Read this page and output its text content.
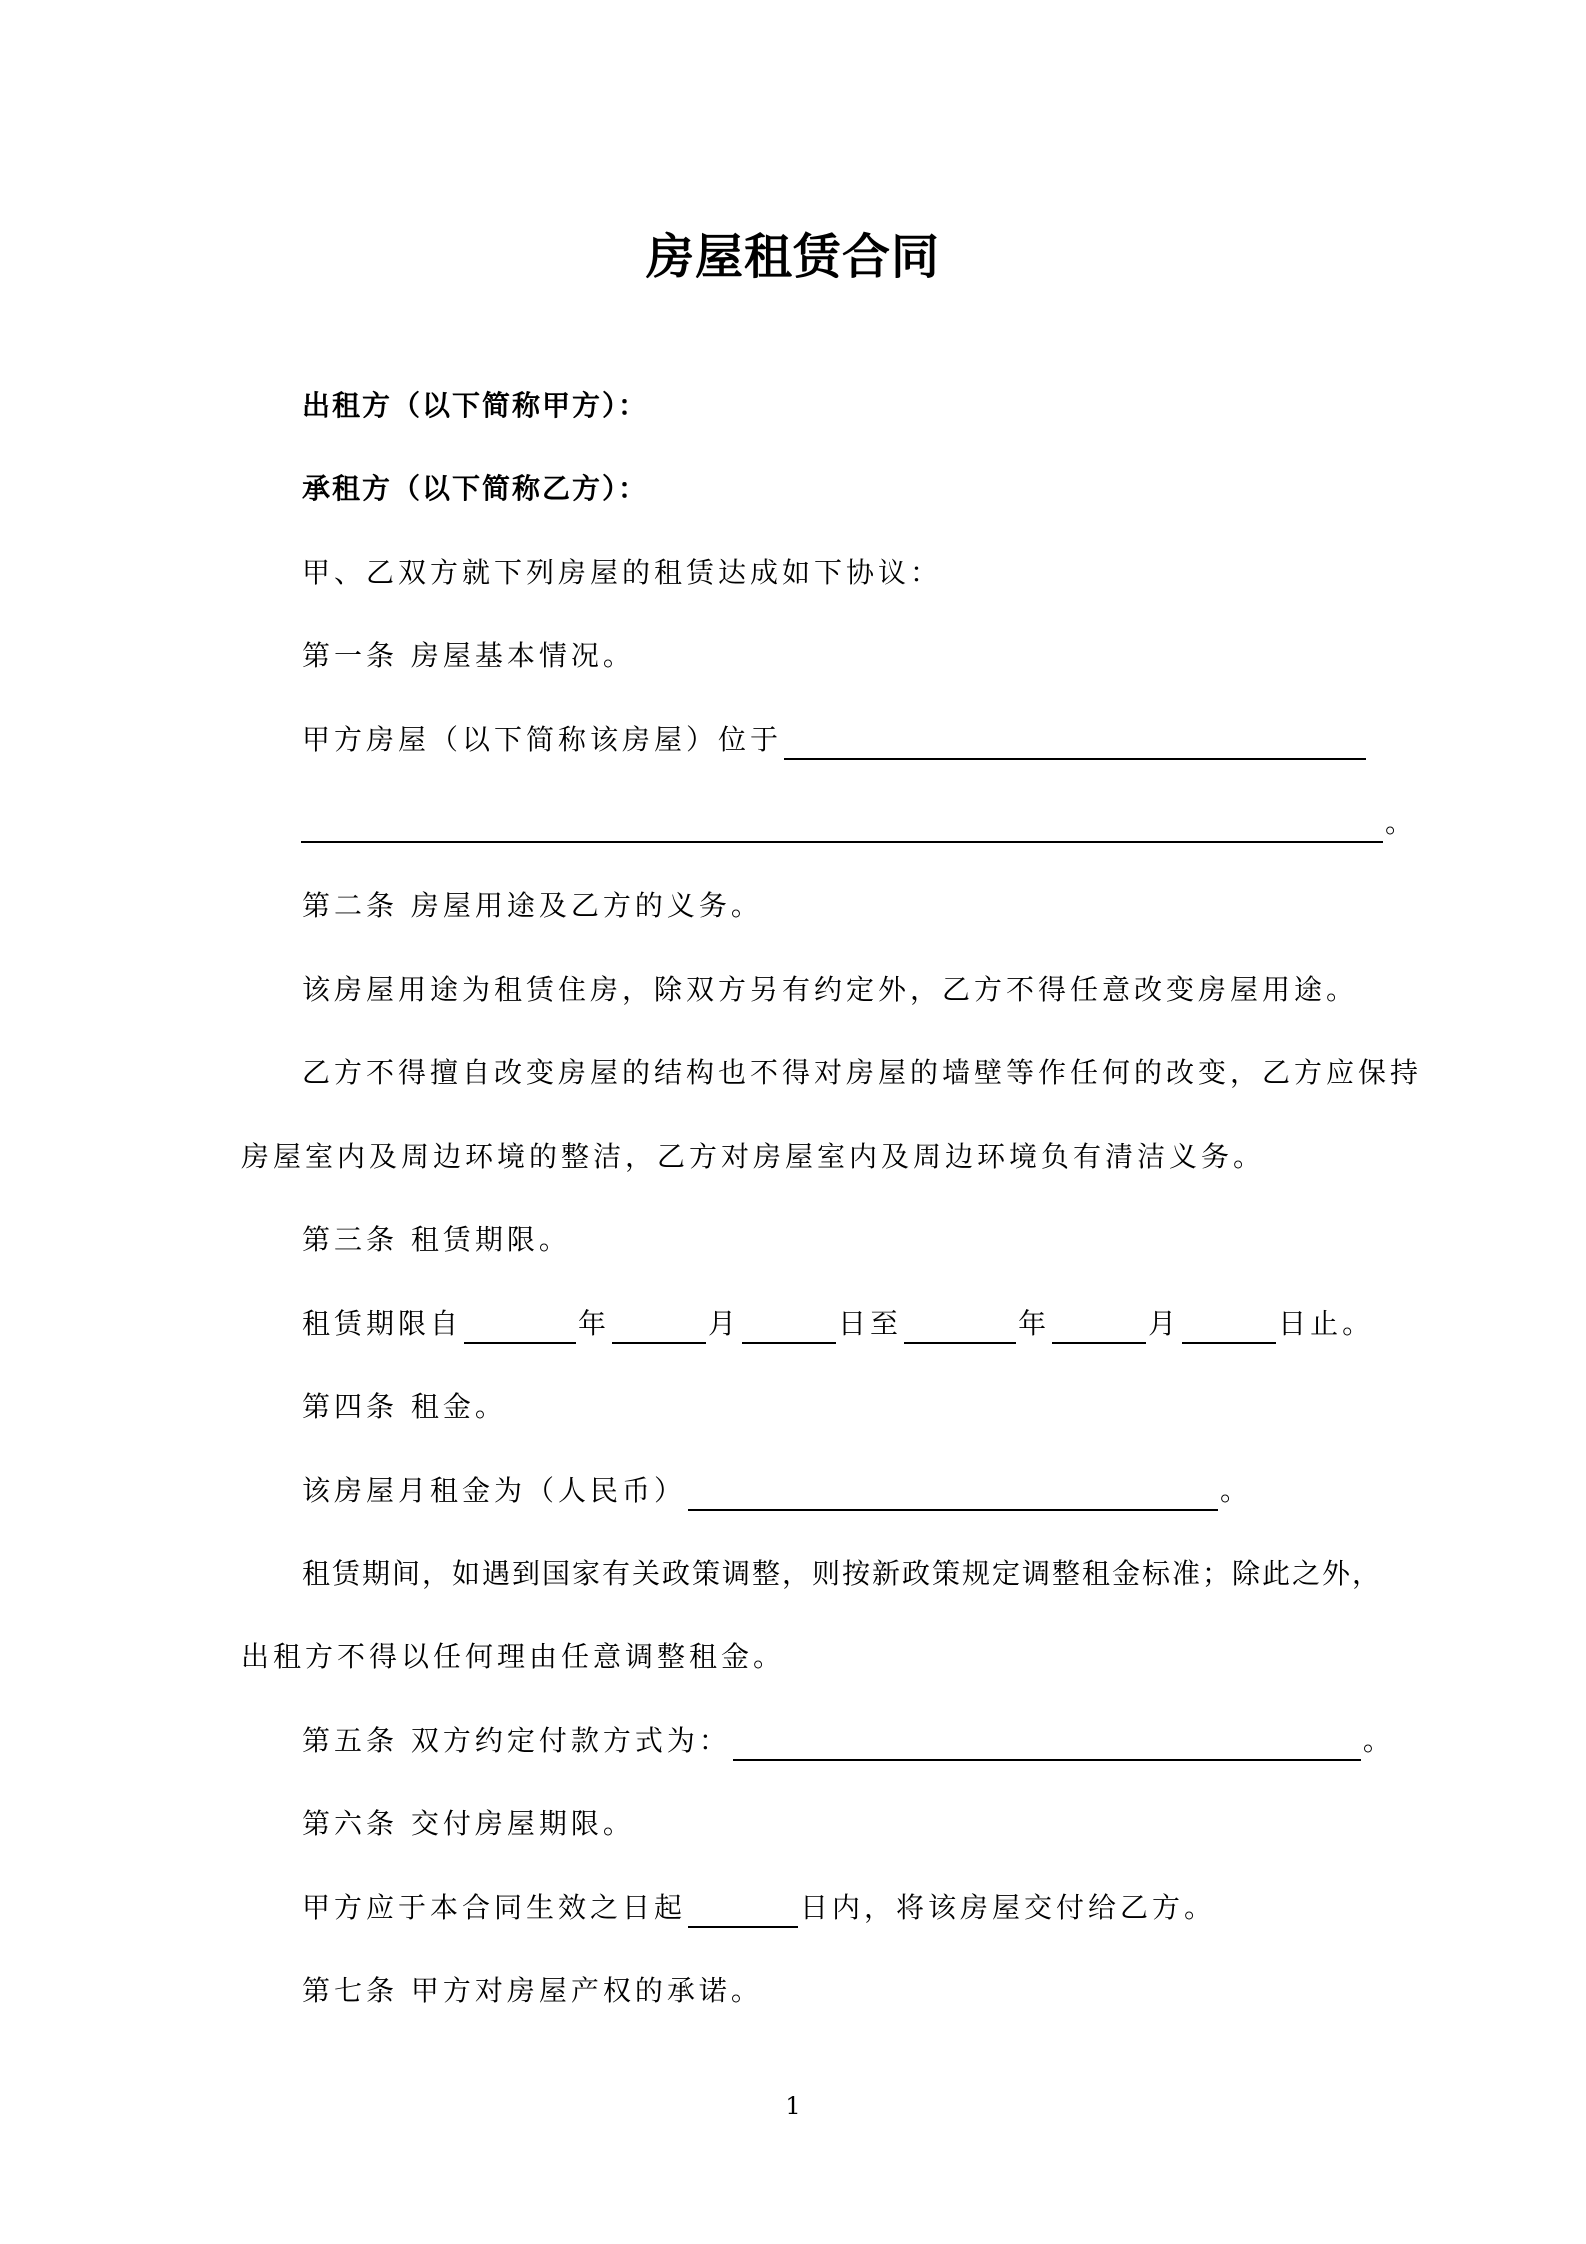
房屋租赁合同
出租方（以下简称甲方）：
承租方（以下简称乙方）：
甲、乙双方就下列房屋的租赁达成如下协议：
第一条 房屋基本情况。
甲方房屋（以下简称该房屋）位于
。
第二条 房屋用途及乙方的义务。
该房屋用途为租赁住房，除双方另有约定外，乙方不得任意改变房屋用途。
乙方不得擅自改变房屋的结构也不得对房屋的墙壁等作任何的改变，乙方应保持
房屋室内及周边环境的整洁，乙方对房屋室内及周边环境负有清洁义务。
第三条 租赁期限。
租赁期限自	年	月	日至	年	月	日止。
第四条 租金。
该房屋月租金为（人民币）	。
租赁期间，如遇到国家有关政策调整，则按新政策规定调整租金标准；除此之外，
出租方不得以任何理由任意调整租金。
第五条 双方约定付款方式为：	。
第六条 交付房屋期限。
甲方应于本合同生效之日起	日内，将该房屋交付给乙方。
第七条 甲方对房屋产权的承诺。
1
